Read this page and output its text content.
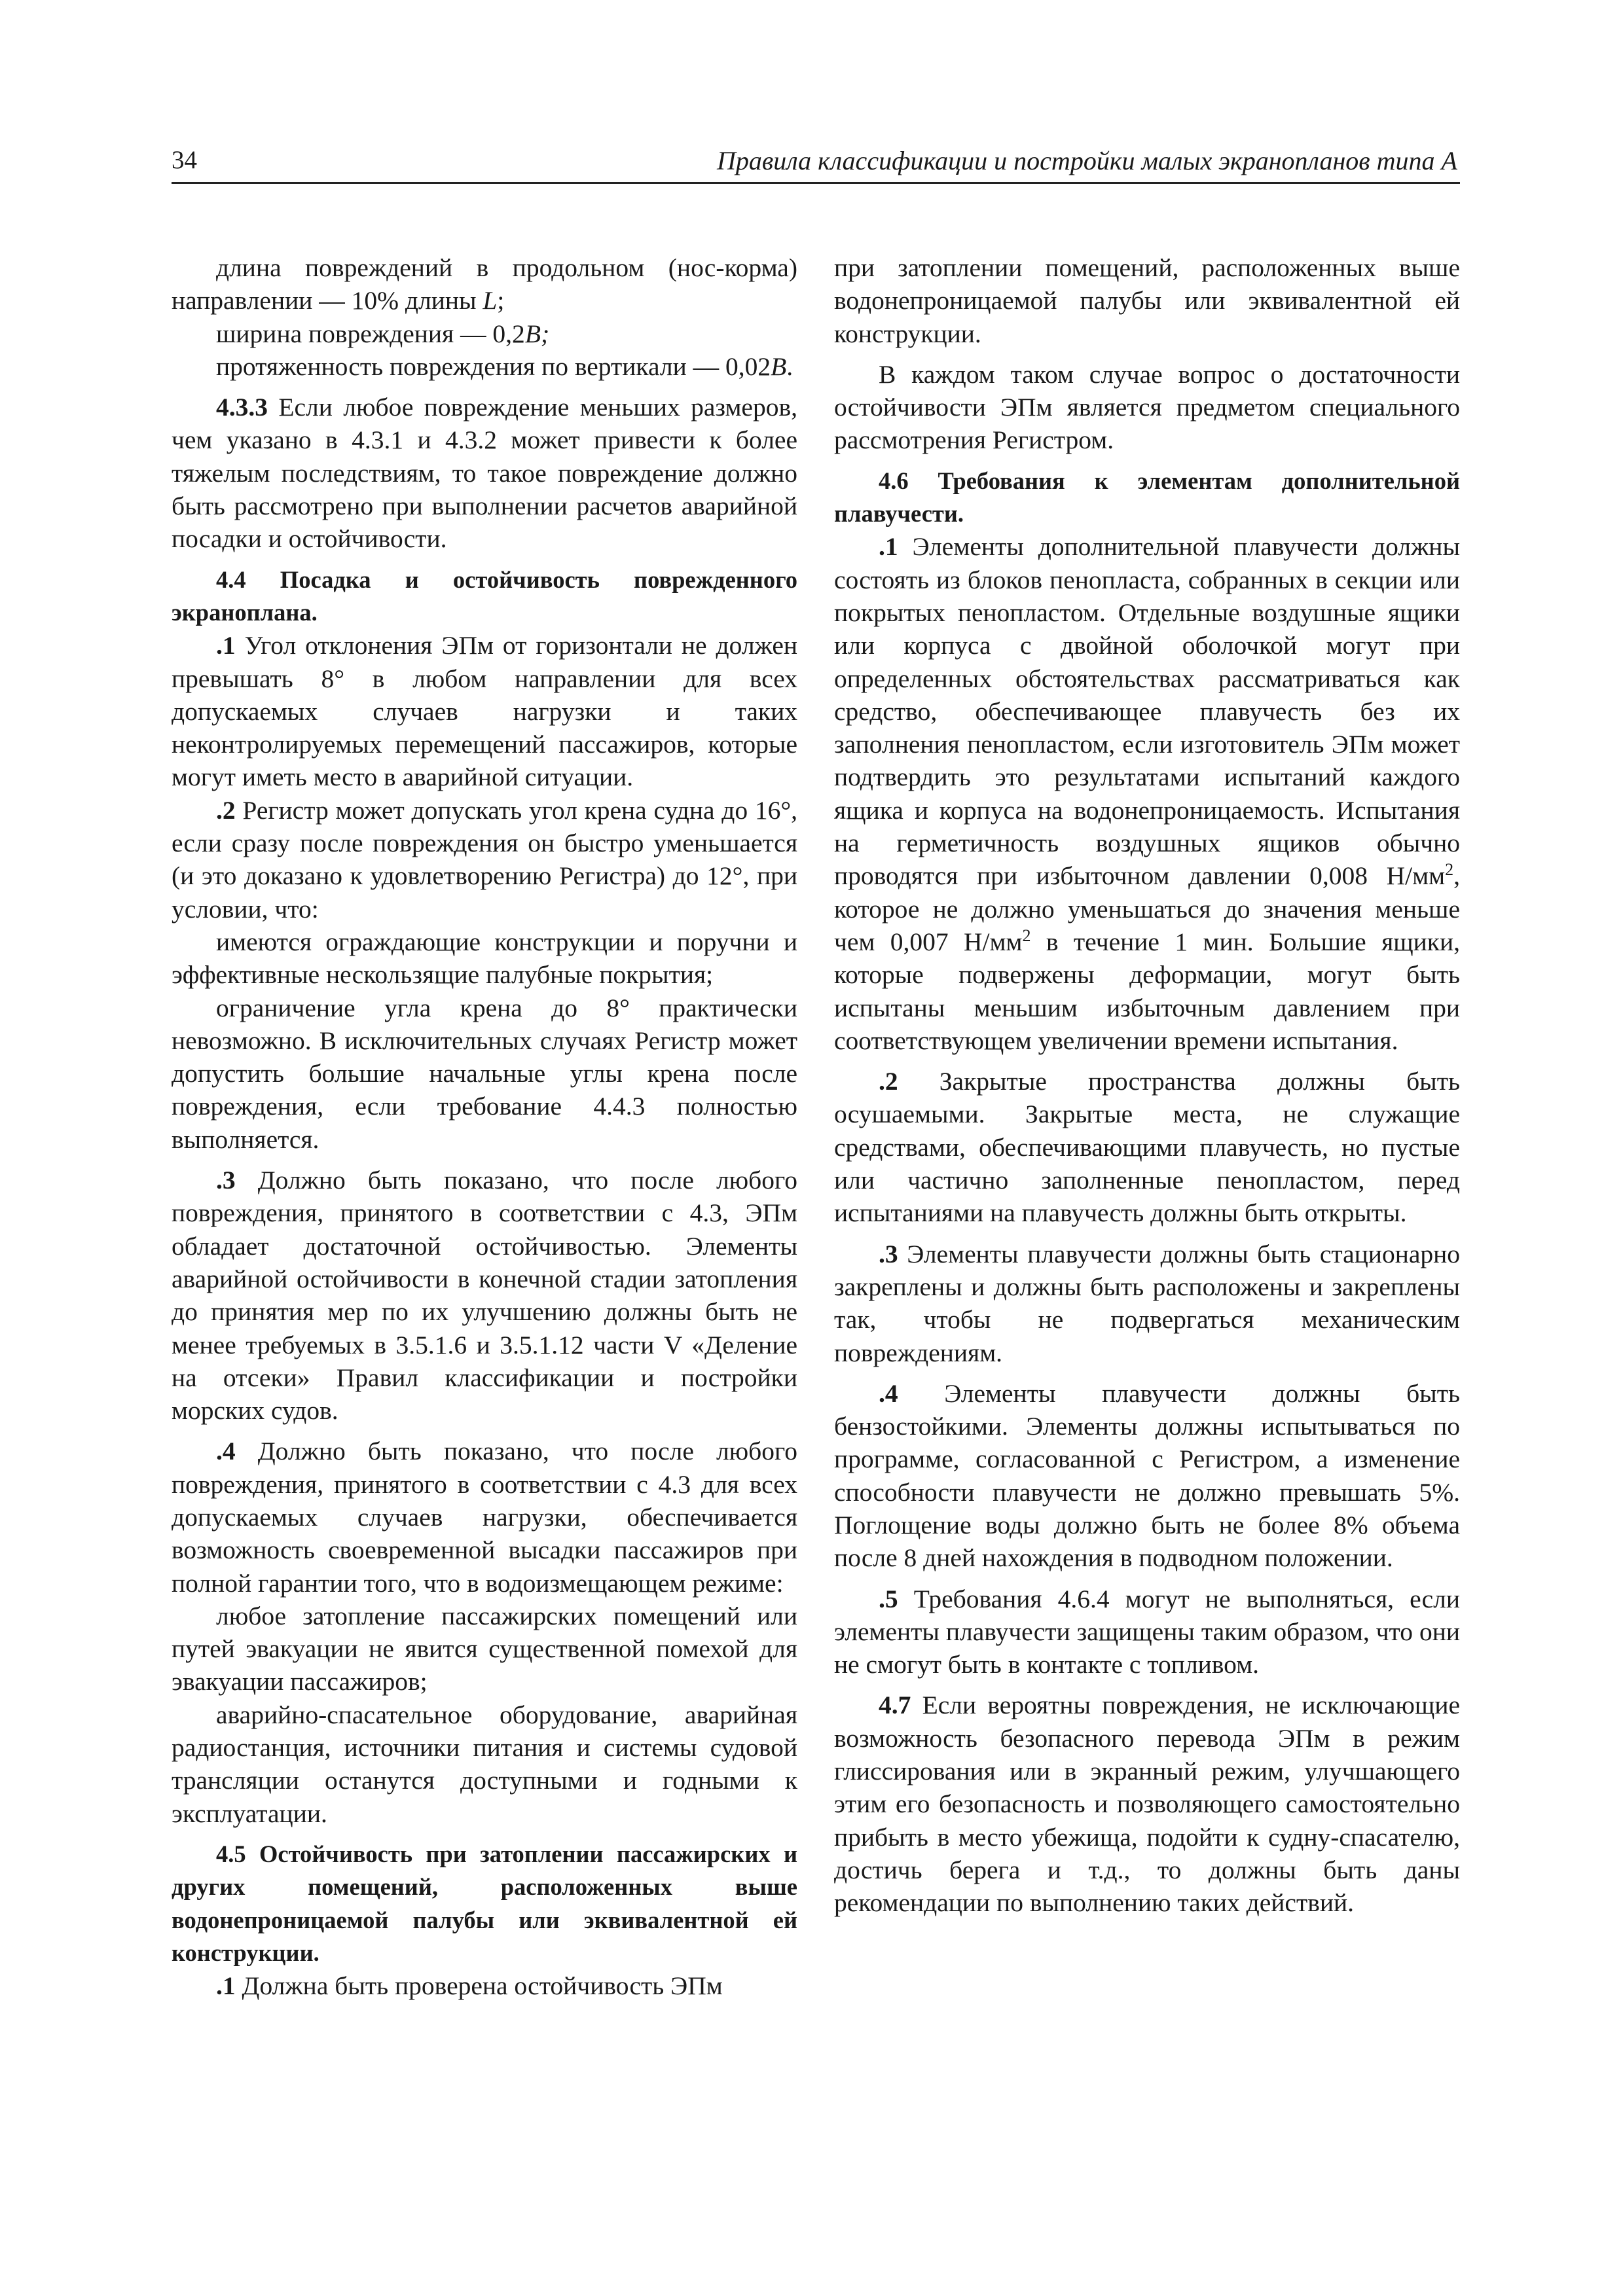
34	Правила классификации и постройки малых экранопланов типа А

длина повреждений в продольном (нос-корма) направлении — 10% длины L;

ширина повреждения — 0,2B;

протяженность повреждения по вертикали — 0,02B.

4.3.3 Если любое повреждение меньших размеров, чем указано в 4.3.1 и 4.3.2 может привести к более тяжелым последствиям, то такое повреждение должно быть рассмотрено при выполнении расчетов аварийной посадки и остойчивости.

4.4 Посадка и остойчивость поврежденного экраноплана.

.1 Угол отклонения ЭПм от горизонтали не должен превышать 8° в любом направлении для всех допускаемых случаев нагрузки и таких неконтролируемых перемещений пассажиров, которые могут иметь место в аварийной ситуации.

.2 Регистр может допускать угол крена судна до 16°, если сразу после повреждения он быстро уменьшается (и это доказано к удовлетворению Регистра) до 12°, при условии, что:

имеются ограждающие конструкции и поручни и эффективные нескользящие палубные покрытия;

ограничение угла крена до 8° практически невозможно. В исключительных случаях Регистр может допустить большие начальные углы крена после повреждения, если требование 4.4.3 полностью выполняется.

.3 Должно быть показано, что после любого повреждения, принятого в соответствии с 4.3, ЭПм обладает достаточной остойчивостью. Элементы аварийной остойчивости в конечной стадии затопления до принятия мер по их улучшению должны быть не менее требуемых в 3.5.1.6 и 3.5.1.12 части V «Деление на отсеки» Правил классификации и постройки морских судов.

.4 Должно быть показано, что после любого повреждения, принятого в соответствии с 4.3 для всех допускаемых случаев нагрузки, обеспечивается возможность своевременной высадки пассажиров при полной гарантии того, что в водоизмещающем режиме:

любое затопление пассажирских помещений или путей эвакуации не явится существенной помехой для эвакуации пассажиров;

аварийно-спасательное оборудование, аварийная радиостанция, источники питания и системы судовой трансляции останутся доступными и годными к эксплуатации.

4.5 Остойчивость при затоплении пассажирских и других помещений, расположенных выше водонепроницаемой палубы или эквивалентной ей конструкции.

.1 Должна быть проверена остойчивость ЭПм

при затоплении помещений, расположенных выше водонепроницаемой палубы или эквивалентной ей конструкции.

В каждом таком случае вопрос о достаточности остойчивости ЭПм является предметом специального рассмотрения Регистром.

4.6 Требования к элементам дополнительной плавучести.

.1 Элементы дополнительной плавучести должны состоять из блоков пенопласта, собранных в секции или покрытых пенопластом. Отдельные воздушные ящики или корпуса с двойной оболочкой могут при определенных обстоятельствах рассматриваться как средство, обеспечивающее плавучесть без их заполнения пенопластом, если изготовитель ЭПм может подтвердить это результатами испытаний каждого ящика и корпуса на водонепроницаемость. Испытания на герметичность воздушных ящиков обычно проводятся при избыточном давлении 0,008 $Н/мм^2$, которое не должно уменьшаться до значения меньше чем 0,007 $Н/мм^2$ в течение 1 мин. Большие ящики, которые подвержены деформации, могут быть испытаны меньшим избыточным давлением при соответствующем увеличении времени испытания.

.2 Закрытые пространства должны быть осушаемыми. Закрытые места, не служащие средствами, обеспечивающими плавучесть, но пустые или частично заполненные пенопластом, перед испытаниями на плавучесть должны быть открыты.

.3 Элементы плавучести должны быть стационарно закреплены и должны быть расположены и закреплены так, чтобы не подвергаться механическим повреждениям.

.4 Элементы плавучести должны быть бензостойкими. Элементы должны испытываться по программе, согласованной с Регистром, а изменение способности плавучести не должно превышать 5%. Поглощение воды должно быть не более 8% объема после 8 дней нахождения в подводном положении.

.5 Требования 4.6.4 могут не выполняться, если элементы плавучести защищены таким образом, что они не смогут быть в контакте с топливом.

4.7 Если вероятны повреждения, не исключающие возможность безопасного перевода ЭПм в режим глиссирования или в экранный режим, улучшающего этим его безопасность и позволяющего самостоятельно прибыть в место убежища, подойти к судну-спасателю, достичь берега и т.д., то должны быть даны рекомендации по выполнению таких действий.
